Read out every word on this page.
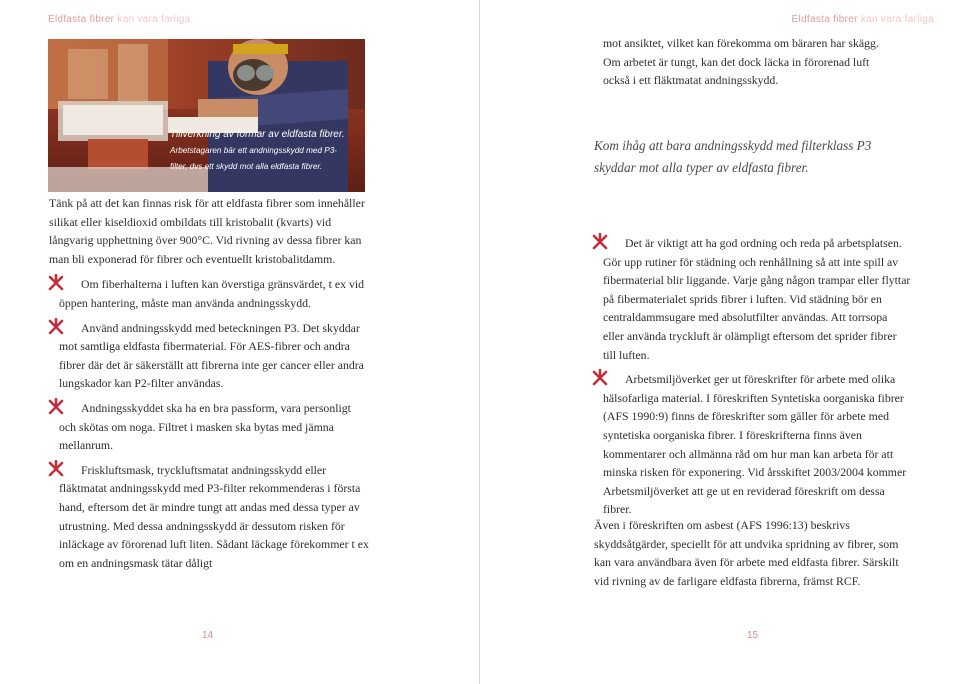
Eldfasta fibrer kan vara farliga
Tillverkning av formar av eldfasta fibrer.
Arbetstagaren bär ett andningsskydd med P3-
filter, dvs ett skydd mot alla eldfasta fibrer.

Tänk på att det kan finnas risk för att eldfasta fibrer som innehåller silikat eller kiseldioxid ombildats till kristobalit (kvarts) vid långvarig upphettning över 900°C. Vid rivning av dessa fibrer kan man bli exponerad för fibrer och eventuellt kristobalitdamm.

Om fiberhalterna i luften kan överstiga gränsvärdet, t ex vid öppen hantering, måste man använda andningsskydd.

Använd andningsskydd med beteckningen P3. Det skyddar mot samtliga eldfasta fibermaterial. För AES-fibrer och andra fibrer där det är säkerställt att fibrerna inte ger cancer eller andra lungskador kan P2-filter användas.

Andningsskyddet ska ha en bra passform, vara personligt och skötas om noga. Filtret i masken ska bytas med jämna mellanrum.

Friskluftsmask, tryckluftsmatat andningsskydd eller fläktmatat andningsskydd med P3-filter rekommenderas i första hand, eftersom det är mindre tungt att andas med dessa typer av utrustning. Med dessa andningsskydd är dessutom risken för inläckage av förorenad luft liten. Sådant läckage förekommer t ex om en andningsmask tätar dåligt

14
Eldfasta fibrer kan vara farliga

mot ansiktet, vilket kan förekomma om bäraren har skägg. Om arbetet är tungt, kan det dock läcka in förorenad luft också i ett fläktmatat andningsskydd.

Kom ihåg att bara andningsskydd med filterklass P3 skyddar mot alla typer av eldfasta fibrer.

Det är viktigt att ha god ordning och reda på arbetsplatsen. Gör upp rutiner för städning och renhållning så att inte spill av fibermaterial blir liggande. Varje gång någon trampar eller flyttar på fibermaterialet sprids fibrer i luften. Vid städning bör en centraldammsugare med absolutfilter användas. Att torrsopa eller använda tryckluft är olämpligt eftersom det sprider fibrer till luften.

Arbetsmiljöverket ger ut föreskrifter för arbete med olika hälsofarliga material. I föreskriften Syntetiska oorganiska fibrer (AFS 1990:9) finns de föreskrifter som gäller för arbete med syntetiska oorganiska fibrer. I föreskrifterna finns även kommentarer och allmänna råd om hur man kan arbeta för att minska risken för exponering. Vid årsskiftet 2003/2004 kommer Arbetsmiljöverket att ge ut en reviderad föreskrift om dessa fibrer.

Även i föreskriften om asbest (AFS 1996:13) beskrivs skyddsåtgärder, speciellt för att undvika spridning av fibrer, som kan vara användbara även för arbete med eldfasta fibrer. Särskilt vid rivning av de farligare eldfasta fibrerna, främst RCF.

15
